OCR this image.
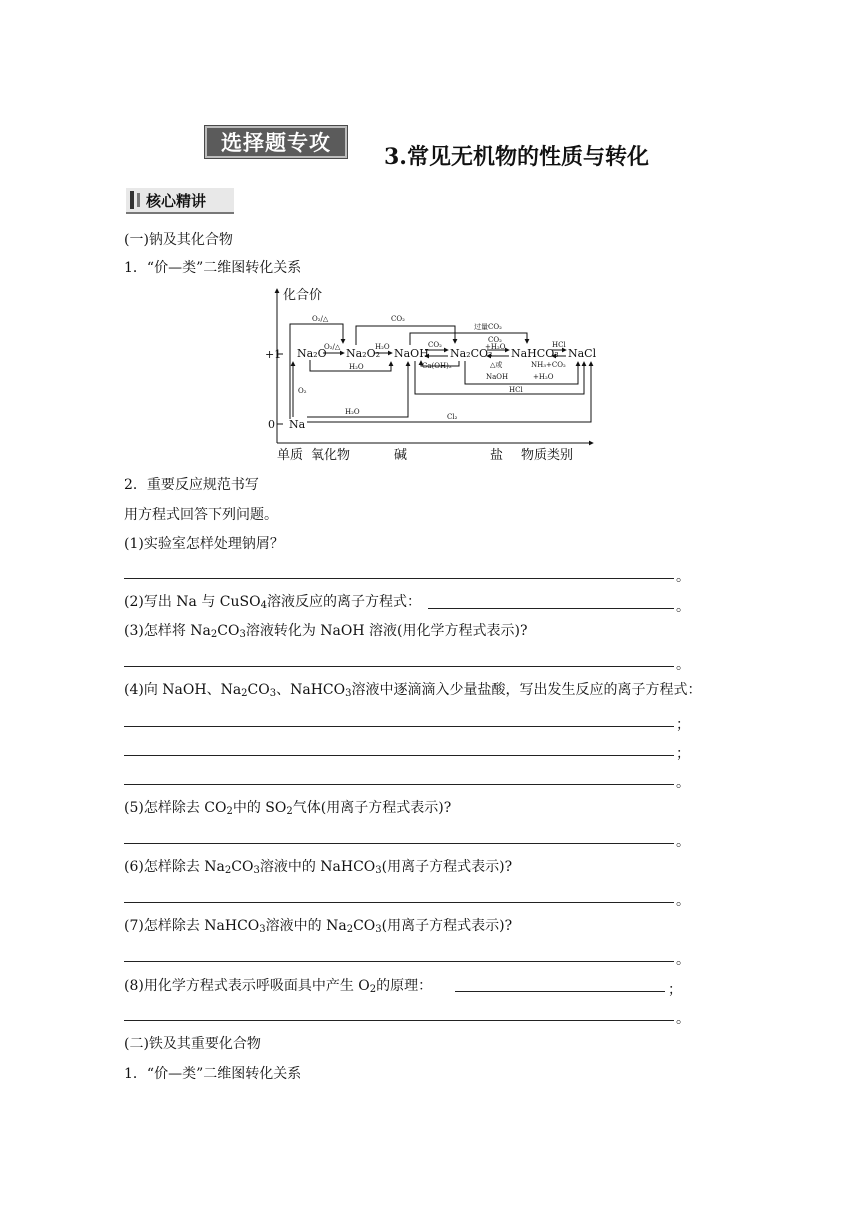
选择题专攻
3.常见无机物的性质与转化
核心精讲
(一)钠及其化合物
1．“价—类”二维图转化关系
化合价
+1
0
单质 氧化物	碱	盐 物质类别
Na₂O Na₂O₂ NaOH Na₂CO₃ NaHCO₃ NaCl
Na
O₂/△	CO₂
过量CO₂
O₂/△	H₂O
H₂O
CO₂
Ca(OH)₂
CO₂
+H₂O
△或
NaOH
HCl
NH₃+CO₂
+H₂O
HCl
O₂
H₂O
Cl₂
2．重要反应规范书写
用方程式回答下列问题。
(1)实验室怎样处理钠屑？
。
(2)写出 Na 与 CuSO$_4$溶液反应的离子方程式：	。
(3)怎样将 $Na_2CO_3$溶液转化为 NaOH 溶液(用化学方程式表示)?
。
(4)向 NaOH、$Na_2CO_3$、NaHCO$_3$溶液中逐滴滴入少量盐酸，写出发生反应的离子方程式：
；
；
。
(5)怎样除去 $CO_2$中的 $SO_2$气体(用离子方程式表示)?
。
(6)怎样除去 $Na_2CO_3$溶液中的 NaHCO$_3$(用离子方程式表示)?
。
(7)怎样除去 NaHCO$_3$溶液中的 $Na_2CO_3$(用离子方程式表示)?
。
(8)用化学方程式表示呼吸面具中产生 $O_2$的原理：	；
。
(二)铁及其重要化合物
1．“价—类”二维图转化关系
